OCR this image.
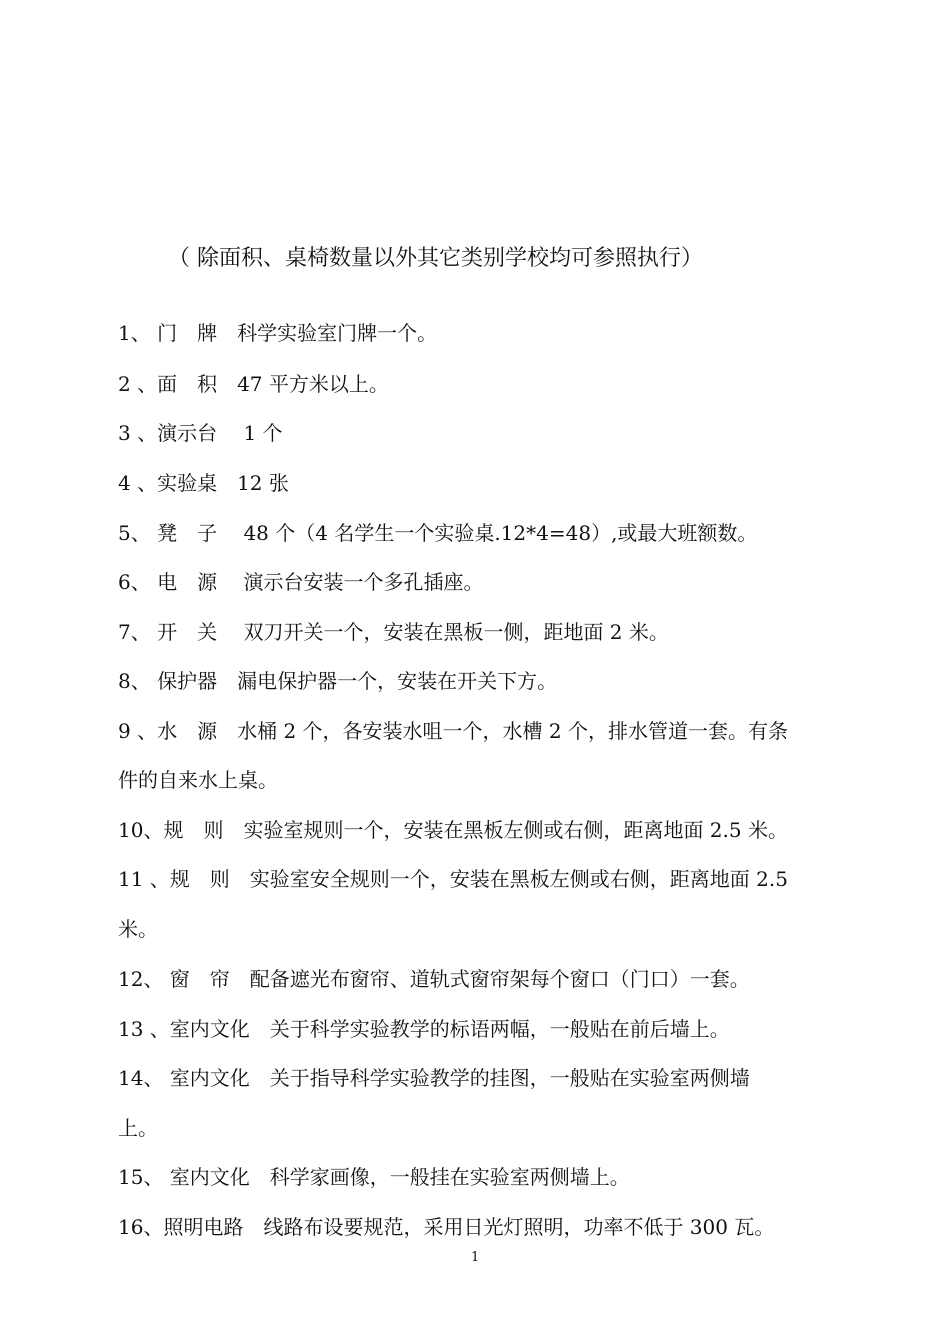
（ 除面积、桌椅数量以外其它类别学校均可参照执行）
1、 门　牌　科学实验室门牌一个。
2 、面　积　47 平方米以上。
3 、演示台　 1 个
4 、实验桌　12 张
5、 凳　子　 48 个（4 名学生一个实验桌.12*4=48）,或最大班额数。
6、 电　源　 演示台安装一个多孔插座。
7、 开　关　 双刀开关一个，安装在黑板一侧，距地面 2 米。
8、 保护器　漏电保护器一个，安装在开关下方。
9 、水　源　水桶 2 个，各安装水咀一个，水槽 2 个，排水管道一套。有条
件的自来水上桌。
10、规　则　实验室规则一个，安装在黑板左侧或右侧，距离地面 2.5 米。
11 、规　则　实验室安全规则一个，安装在黑板左侧或右侧，距离地面 2.5
米。
12、 窗　帘　配备遮光布窗帘、道轨式窗帘架每个窗口（门口）一套。
13 、室内文化　关于科学实验教学的标语两幅，一般贴在前后墙上。
14、 室内文化　关于指导科学实验教学的挂图，一般贴在实验室两侧墙
上。
15、 室内文化　科学家画像，一般挂在实验室两侧墙上。
16、照明电路　线路布设要规范，采用日光灯照明，功率不低于 300 瓦。
1
